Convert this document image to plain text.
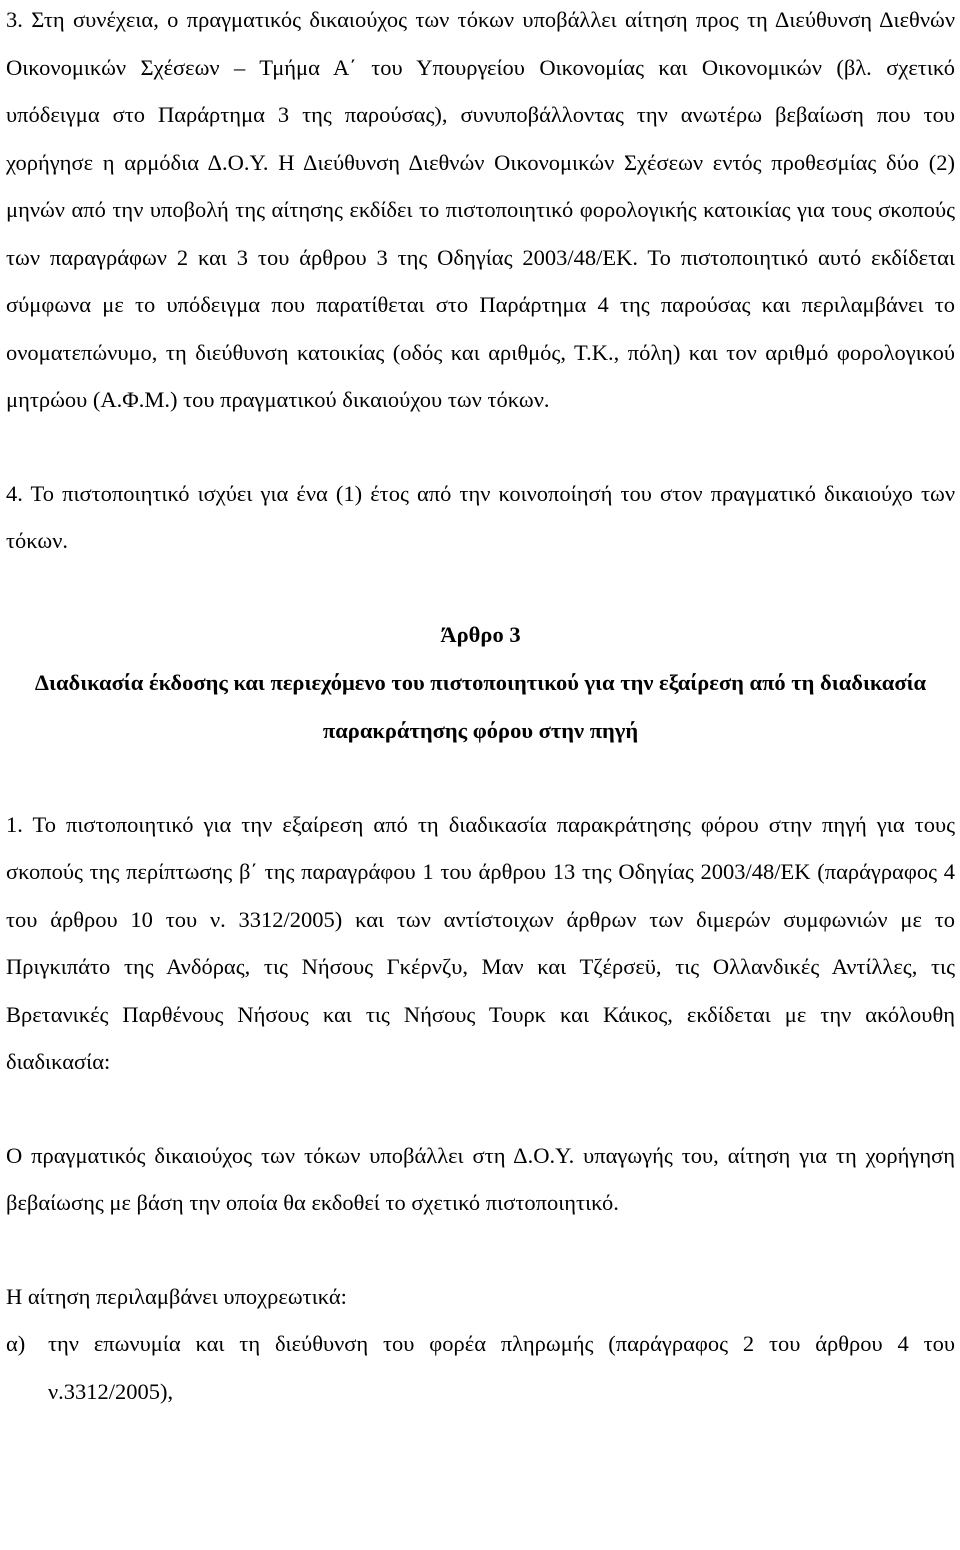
3. Στη συνέχεια, ο πραγματικός δικαιούχος των τόκων υποβάλλει αίτηση προς τη Διεύθυνση Διεθνών Οικονομικών Σχέσεων – Τμήμα Α΄ του Υπουργείου Οικονομίας και Οικονομικών (βλ. σχετικό υπόδειγμα στο Παράρτημα 3 της παρούσας), συνυποβάλλοντας την ανωτέρω βεβαίωση που του χορήγησε η αρμόδια Δ.Ο.Υ. Η Διεύθυνση Διεθνών Οικονομικών Σχέσεων εντός προθεσμίας δύο (2) μηνών από την υποβολή της αίτησης εκδίδει το πιστοποιητικό φορολογικής κατοικίας για τους σκοπούς των παραγράφων 2 και 3 του άρθρου 3 της Οδηγίας 2003/48/ΕΚ. Το πιστοποιητικό αυτό εκδίδεται σύμφωνα με το υπόδειγμα που παρατίθεται στο Παράρτημα 4 της παρούσας και περιλαμβάνει το ονοματεπώνυμο, τη διεύθυνση κατοικίας (οδός και αριθμός, Τ.Κ., πόλη) και τον αριθμό φορολογικού μητρώου (Α.Φ.Μ.) του πραγματικού δικαιούχου των τόκων.

4. Το πιστοποιητικό ισχύει για ένα (1) έτος από την κοινοποίησή του στον πραγματικό δικαιούχο των τόκων.

Άρθρο 3

Διαδικασία έκδοσης και περιεχόμενο του πιστοποιητικού για την εξαίρεση από τη διαδικασία παρακράτησης φόρου στην πηγή

1. Το πιστοποιητικό για την εξαίρεση από τη διαδικασία παρακράτησης φόρου στην πηγή για τους σκοπούς της περίπτωσης β΄ της παραγράφου 1 του άρθρου 13 της Οδηγίας 2003/48/ΕΚ (παράγραφος 4 του άρθρου 10 του ν. 3312/2005) και των αντίστοιχων άρθρων των διμερών συμφωνιών με το Πριγκιπάτο της Ανδόρας, τις Νήσους Γκέρνζυ, Μαν και Τζέρσεϋ, τις Ολλανδικές Αντίλλες, τις Βρετανικές Παρθένους Νήσους και τις Νήσους Τουρκ και Κάικος, εκδίδεται με την ακόλουθη διαδικασία:

Ο πραγματικός δικαιούχος των τόκων υποβάλλει στη Δ.Ο.Υ. υπαγωγής του, αίτηση για τη χορήγηση βεβαίωσης με βάση την οποία θα εκδοθεί το σχετικό πιστοποιητικό.

Η αίτηση περιλαμβάνει υποχρεωτικά:

α)	την επωνυμία και τη διεύθυνση του φορέα πληρωμής (παράγραφος 2 του άρθρου 4 του ν.3312/2005),
